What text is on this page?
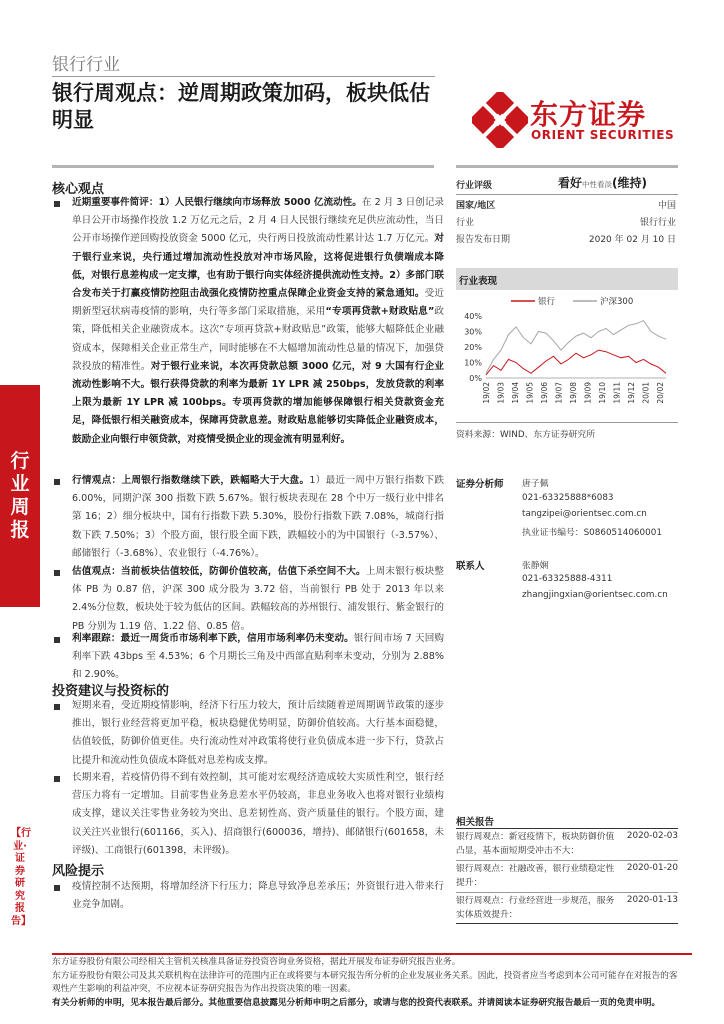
银行行业
银行周观点：逆周期政策加码，板块低估明显	东方证券
ORIENT SECURITIES
核心观点
近期重要事件简评：1）人民银行继续向市场释放 5000 亿流动性。在 2 月 3 日创记录单日公开市场操作投放 1.2 万亿元之后，2 月 4 日人民银行继续充足供应流动性，当日公开市场操作逆回购投放资金 5000 亿元，央行两日投放流动性累计达 1.7 万亿元。对于银行业来说，央行通过增加流动性投放对冲市场风险，这将促进银行负债端成本降低，对银行息差构成一定支撑，也有助于银行向实体经济提供流动性支持。2）多部门联合发布关于打赢疫情防控阻击战强化疫情防控重点保障企业资金支持的紧急通知。受近期新型冠状病毒疫情的影响，央行等多部门采取措施，采用“专项再贷款+财政贴息”政策，降低相关企业融资成本。这次“专项再贷款+财政贴息”政策，能够大幅降低企业融资成本，保障相关企业正常生产，同时能够在不大幅增加流动性总量的情况下，加强贷款投放的精准性。对于银行业来说，本次再贷款总额 3000 亿元，对 9 大国有行企业流动性影响不大。银行获得贷款的利率为最新 1Y LPR 减 250bps，发放贷款的利率上限为最新 1Y LPR 减 100bps。专项再贷款的增加能够保障银行相关贷款资金充足，降低银行相关融资成本，保障再贷款息差。财政贴息能够切实降低企业融资成本，鼓励企业向银行申领贷款，对疫情受损企业的现金流有明显利好。
行情观点：上周银行指数继续下跌，跌幅略大于大盘。1）最近一周中万银行指数下跌 6.00%，同期沪深 300 指数下跌 5.67%。银行板块表现在 28 个中万一级行业中排名第 16；2）细分板块中，国有行指数下跌 5.30%，股份行指数下跌 7.08%，城商行指数下跌 7.50%；3）个股方面，银行股全面下跌，跌幅较小的为中国银行（-3.57%）、邮储银行（-3.68%）、农业银行（-4.76%）。
估值观点：当前板块估值较低，防御价值较高，估值下杀空间不大。上周末银行板块整体 PB 为 0.87 倍，沪深 300 成分股为 3.72 倍，当前银行 PB 处于 2013 年以来 2.4%分位数，板块处于较为低估的区间。跌幅较高的苏州银行、浦发银行、紫金银行的 PB 分别为 1.19 倍、1.22 倍、0.85 倍。
利率跟踪：最近一周货币市场利率下跌，信用市场利率仍未变动。银行间市场 7 天回购利率下跌 43bps 至 4.53%；6 个月期长三角及中西部直贴利率未变动，分别为 2.88%和 2.90%。
投资建议与投资标的
短期来看，受近期疫情影响，经济下行压力较大，预计后续随着逆周期调节政策的逐步推出，银行业经营将更加平稳，板块稳健优势明显，防御价值较高。大行基本面稳健，估值较低，防御价值更佳。央行流动性对冲政策将使行业负债成本进一步下行，贷款占比提升和流动性负债成本降低对息差构成支撑。
长期来看，若疫情仍得不到有效控制，其可能对宏观经济造成较大实质性利空，银行经营压力将有一定增加。目前零售业务息差水平仍较高，非息业务收入也将对银行业绩构成支撑，建议关注零售业务较为突出、息差韧性高、资产质量佳的银行。个股方面，建议关注兴业银行(601166，买入)、招商银行(600036，增持)、邮储银行(601658，未评级)、工商银行(601398，未评级)。
风险提示
疫情控制不达预期，将增加经济下行压力；降息导致净息差承压；外资银行进入带来行业竞争加剧。
行
业
周
报
【行业·证券研究报告】
行业评级	看好中性看淡(维持)
国家/地区	中国
行业	银行行业
报告发布日期	2020 年 02 月 10 日
行业表现
银行	沪深300
40%
30%
20%
10%
0%
19/02 19/03 19/04 19/05 19/06 19/07 19/08 19/09 19/10 19/11 19/12 20/01 20/02
资料来源：WIND、东方证券研究所
证券分析师 唐子佩
021-63325888*6083
tangzipei@orientsec.com.cn
执业证书编号：S0860514060001
联系人	张静娴
021-63325888-4311
zhangjingxian@orientsec.com.cn
相关报告
银行周观点：新冠疫情下，板块防御价值凸显，基本面短期受冲击不大：
2020-02-03
银行周观点：社融改善，银行业绩稳定性提升：
2020-01-20
银行周观点：行业经营进一步规范，服务实体质效提升：
2020-01-13
东方证券股份有限公司经相关主管机关核准具备证券投资咨询业务资格，据此开展发布证券研究报告业务。
东方证券股份有限公司及其关联机构在法律许可的范围内正在或将要与本研究报告所分析的企业发展业务关系。因此，投资者应当考虑到本公司可能存在对报告的客观性产生影响的利益冲突，不应视本证券研究报告为作出投资决策的唯一因素。
有关分析师的申明，见本报告最后部分。其他重要信息披露见分析师申明之后部分，或请与您的投资代表联系。并请阅读本证券研究报告最后一页的免责申明。
